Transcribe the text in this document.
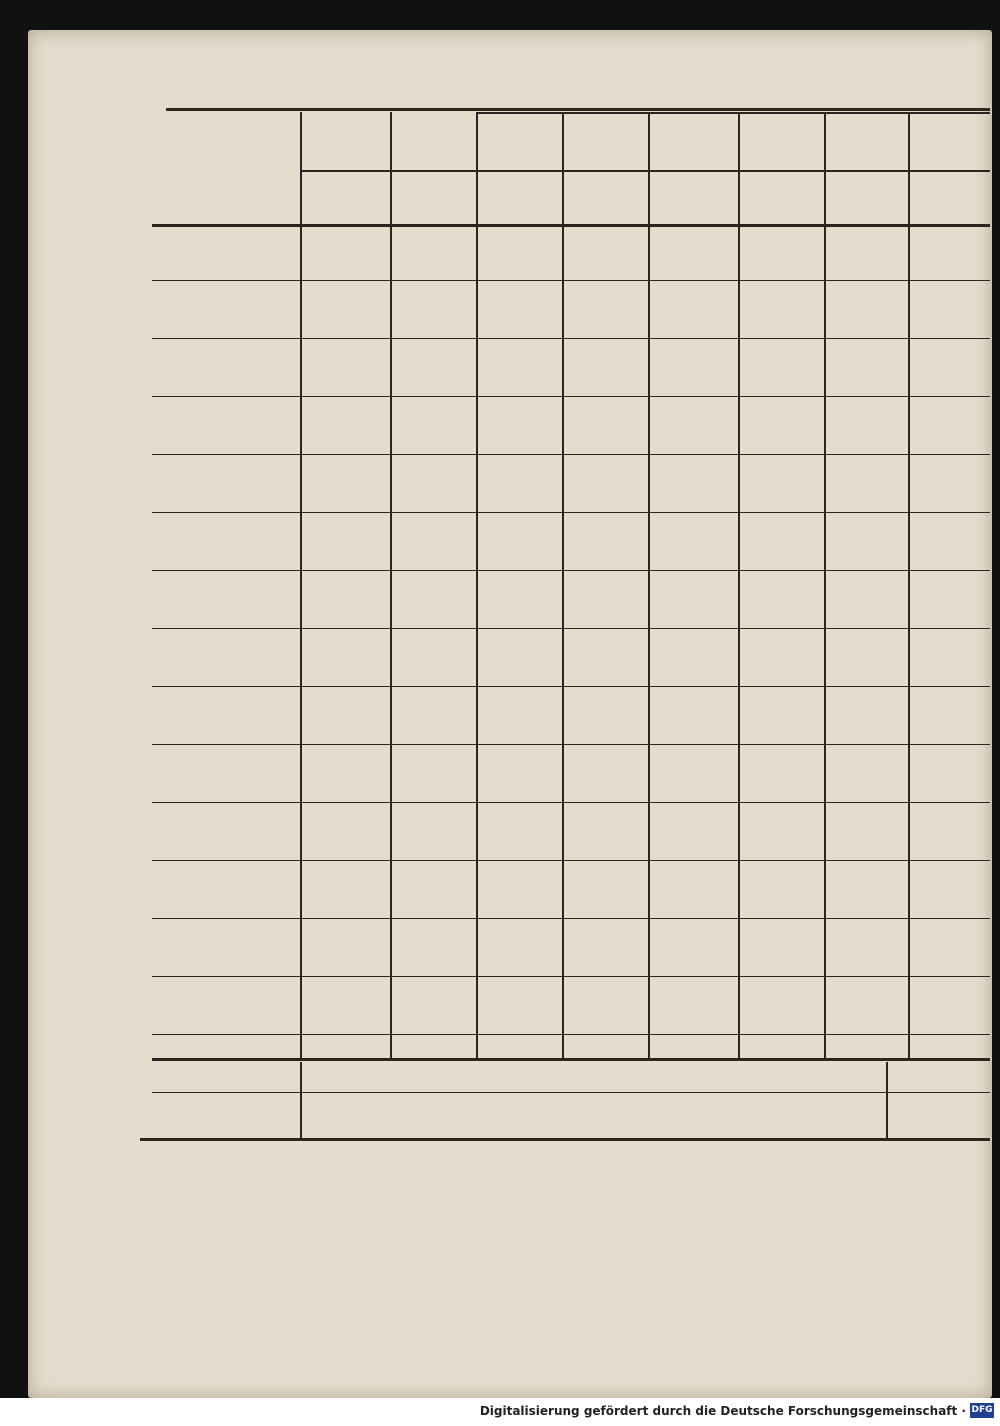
Digitalisierung gefördert durch die Deutsche Forschungsgemeinschaft · DFG
